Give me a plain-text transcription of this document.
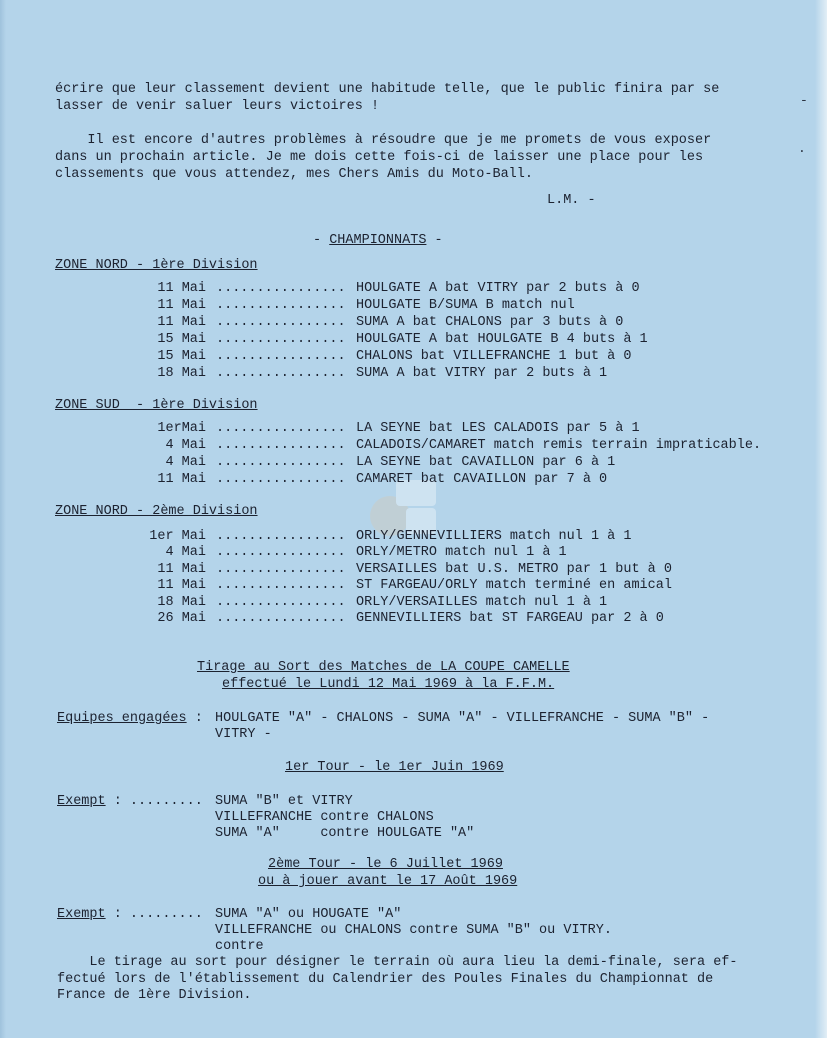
-
.
écrire que leur classement devient une habitude telle, que le public finira par se
lasser de venir saluer leurs victoires !
Il est encore d'autres problèmes à résoudre que je me promets de vous exposer
dans un prochain article. Je me dois cette fois-ci de laisser une place pour les
classements que vous attendez, mes Chers Amis du Moto-Ball.
L.M. -
- CHAMPIONNATS -
ZONE NORD - 1ère Division
11 Mai ................ HOULGATE A bat VITRY par 2 buts à 0
11 Mai ................ HOULGATE B/SUMA B match nul
11 Mai ................ SUMA A bat CHALONS par 3 buts à 0
15 Mai ................ HOULGATE A bat HOULGATE B 4 buts à 1
15 Mai ................ CHALONS bat VILLEFRANCHE 1 but à 0
18 Mai ................ SUMA A bat VITRY par 2 buts à 1
ZONE SUD  - 1ère Division
1erMai ................ LA SEYNE bat LES CALADOIS par 5 à 1
4 Mai ................ CALADOIS/CAMARET match remis terrain impraticable.
4 Mai ................ LA SEYNE bat CAVAILLON par 6 à 1
11 Mai ................ CAMARET bat CAVAILLON par 7 à 0
ZONE NORD - 2ème Division
1er Mai ................ ORLY/GENNEVILLIERS match nul 1 à 1
4 Mai ................ ORLY/METRO match nul 1 à 1
11 Mai ................ VERSAILLES bat U.S. METRO par 1 but à 0
11 Mai ................ ST FARGEAU/ORLY match terminé en amical
18 Mai ................ ORLY/VERSAILLES match nul 1 à 1
26 Mai ................ GENNEVILLIERS bat ST FARGEAU par 2 à 0
Tirage au Sort des Matches de LA COUPE CAMELLE
effectué le Lundi 12 Mai 1969 à la F.F.M.
Equipes engagées : HOULGATE "A" - CHALONS - SUMA "A" - VILLEFRANCHE - SUMA "B" -
VITRY -
1er Tour - le 1er Juin 1969
Exempt : ......... SUMA "B" et VITRY
VILLEFRANCHE contre CHALONS
SUMA "A"     contre HOULGATE "A"
2ème Tour - le 6 Juillet 1969
ou à jouer avant le 17 Août 1969
Exempt : ......... SUMA "A" ou HOUGATE "A"
VILLEFRANCHE ou CHALONS contre SUMA "B" ou VITRY.
contre
Le tirage au sort pour désigner le terrain où aura lieu la demi-finale, sera ef-
fectué lors de l'établissement du Calendrier des Poules Finales du Championnat de
France de 1ère Division.
